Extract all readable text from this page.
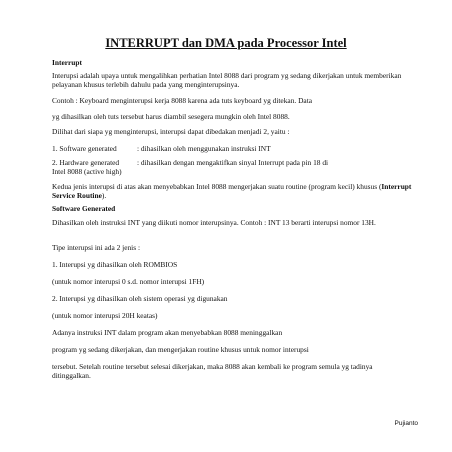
INTERRUPT dan DMA pada Processor Intel

Interrupt

Interupsi adalah upaya untuk mengalihkan perhatian Intel 8088 dari program yg sedang dikerjakan untuk memberikan pelayanan khusus terlebih dahulu pada yang menginterupsinya.

Contoh : Keyboard menginterupsi kerja 8088 karena ada tuts keyboard yg ditekan. Data

yg dihasilkan oleh tuts tersebut harus diambil sesegera mungkin oleh Intel 8088.

Dilihat dari siapa yg menginterupsi, interupsi dapat dibedakan menjadi 2, yaitu :

1. Software generated	: dihasilkan oleh menggunakan instruksi INT
2. Hardware generated : dihasilkan dengan mengaktifkan sinyal Interrupt pada pin 18 di

Intel 8088 (active high)

Kedua jenis interupsi di atas akan menyebabkan Intel 8088 mengerjakan suatu routine (program kecil) khusus (Interrupt Service Routine).

Software Generated

Dihasilkan oleh instruksi INT yang diikuti nomor interupsinya. Contoh : INT 13 berarti interupsi nomor 13H.

Tipe interupsi ini ada 2 jenis :

1. Interupsi yg dihasilkan oleh ROMBIOS

(untuk nomor interupsi 0 s.d. nomor interupsi 1FH)

2. Interupsi yg dihasilkan oleh sistem operasi yg digunakan

(untuk nomor interupsi 20H keatas)

Adanya instruksi INT dalam program akan menyebabkan 8088 meninggalkan

program yg sedang dikerjakan, dan mengerjakan routine khusus untuk nomor interupsi

tersebut. Setelah routine tersebut selesai dikerjakan, maka 8088 akan kembali ke program semula yg tadinya ditinggalkan.

Pujianto
